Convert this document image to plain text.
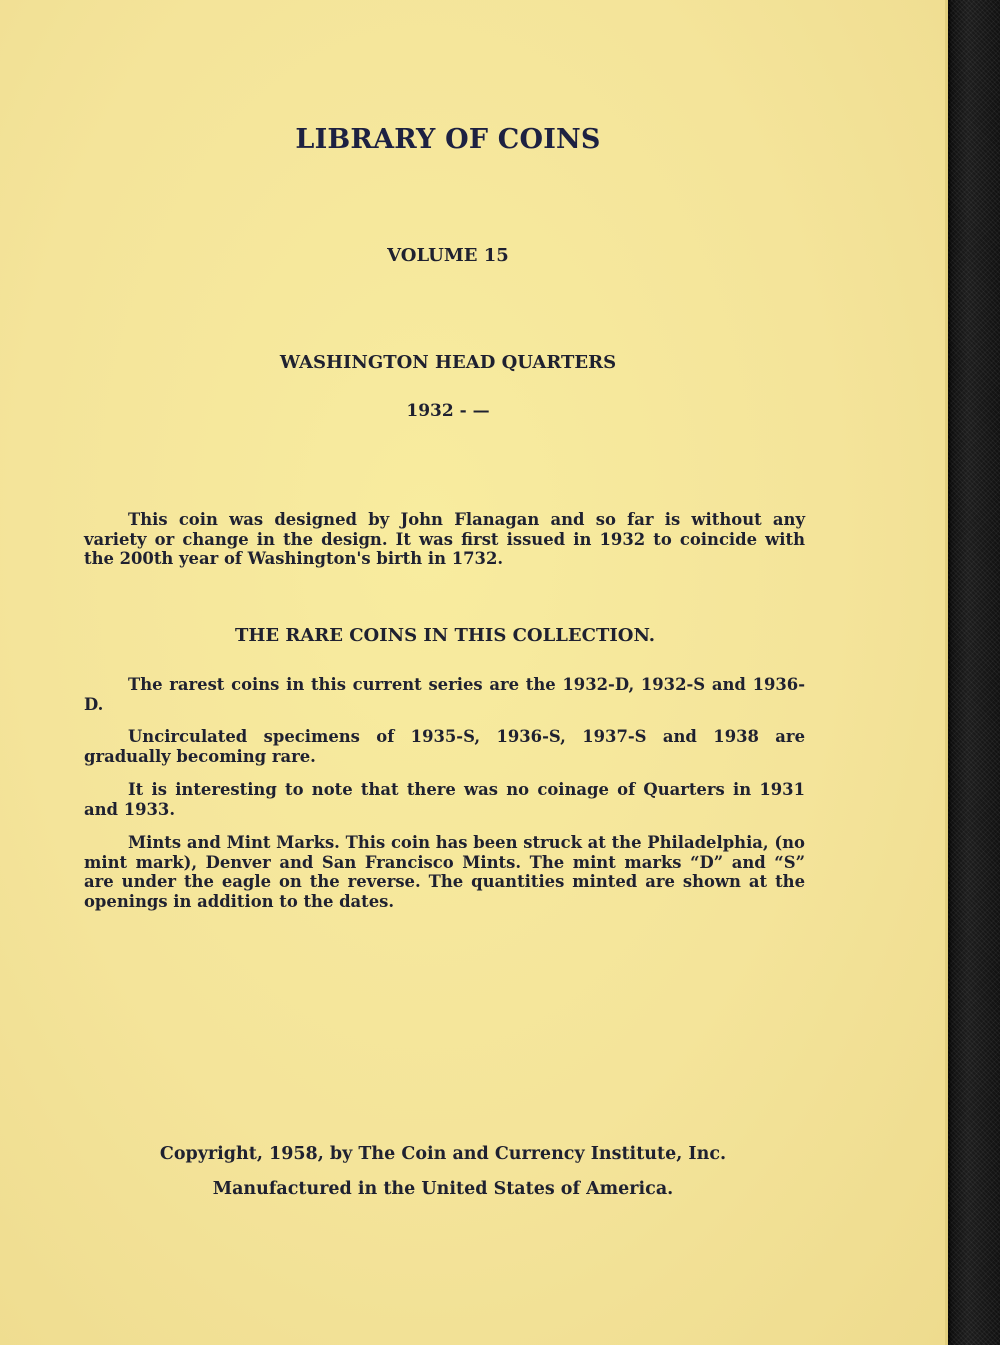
LIBRARY OF COINS
VOLUME 15
WASHINGTON HEAD QUARTERS
1932 - —

This coin was designed by John Flanagan and so far is without any variety or change in the design. It was first issued in 1932 to coincide with the 200th year of Washington's birth in 1732.

THE RARE COINS IN THIS COLLECTION.

The rarest coins in this current series are the 1932-D, 1932-S and 1936-D.

Uncirculated specimens of 1935-S, 1936-S, 1937-S and 1938 are gradually becoming rare.

It is interesting to note that there was no coinage of Quarters in 1931 and 1933.

Mints and Mint Marks. This coin has been struck at the Philadelphia, (no mint mark), Denver and San Francisco Mints. The mint marks “D” and “S” are under the eagle on the reverse. The quantities minted are shown at the openings in addition to the dates.

Copyright, 1958, by The Coin and Currency Institute, Inc.
Manufactured in the United States of America.
